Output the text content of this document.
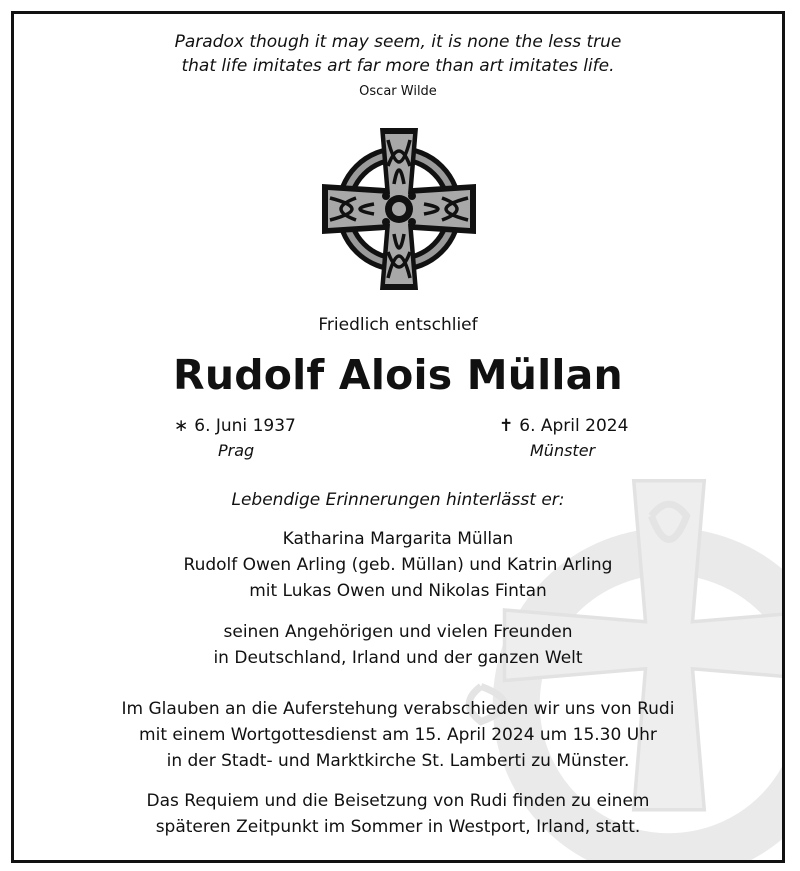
Paradox though it may seem, it is none the less true
that life imitates art far more than art imitates life.
Oscar Wilde
Friedlich entschlief
Rudolf Alois Müllan
∗ 6. Juni 1937
Prag
✝ 6. April 2024
Münster
Lebendige Erinnerungen hinterlässt er:
Katharina Margarita Müllan
Rudolf Owen Arling (geb. Müllan) und Katrin Arling
mit Lukas Owen und Nikolas Fintan
seinen Angehörigen und vielen Freunden
in Deutschland, Irland und der ganzen Welt
Im Glauben an die Auferstehung verabschieden wir uns von Rudi
mit einem Wortgottesdienst am 15. April 2024 um 15.30 Uhr
in der Stadt- und Marktkirche St. Lamberti zu Münster.
Das Requiem und die Beisetzung von Rudi finden zu einem
späteren Zeitpunkt im Sommer in Westport, Irland, statt.
